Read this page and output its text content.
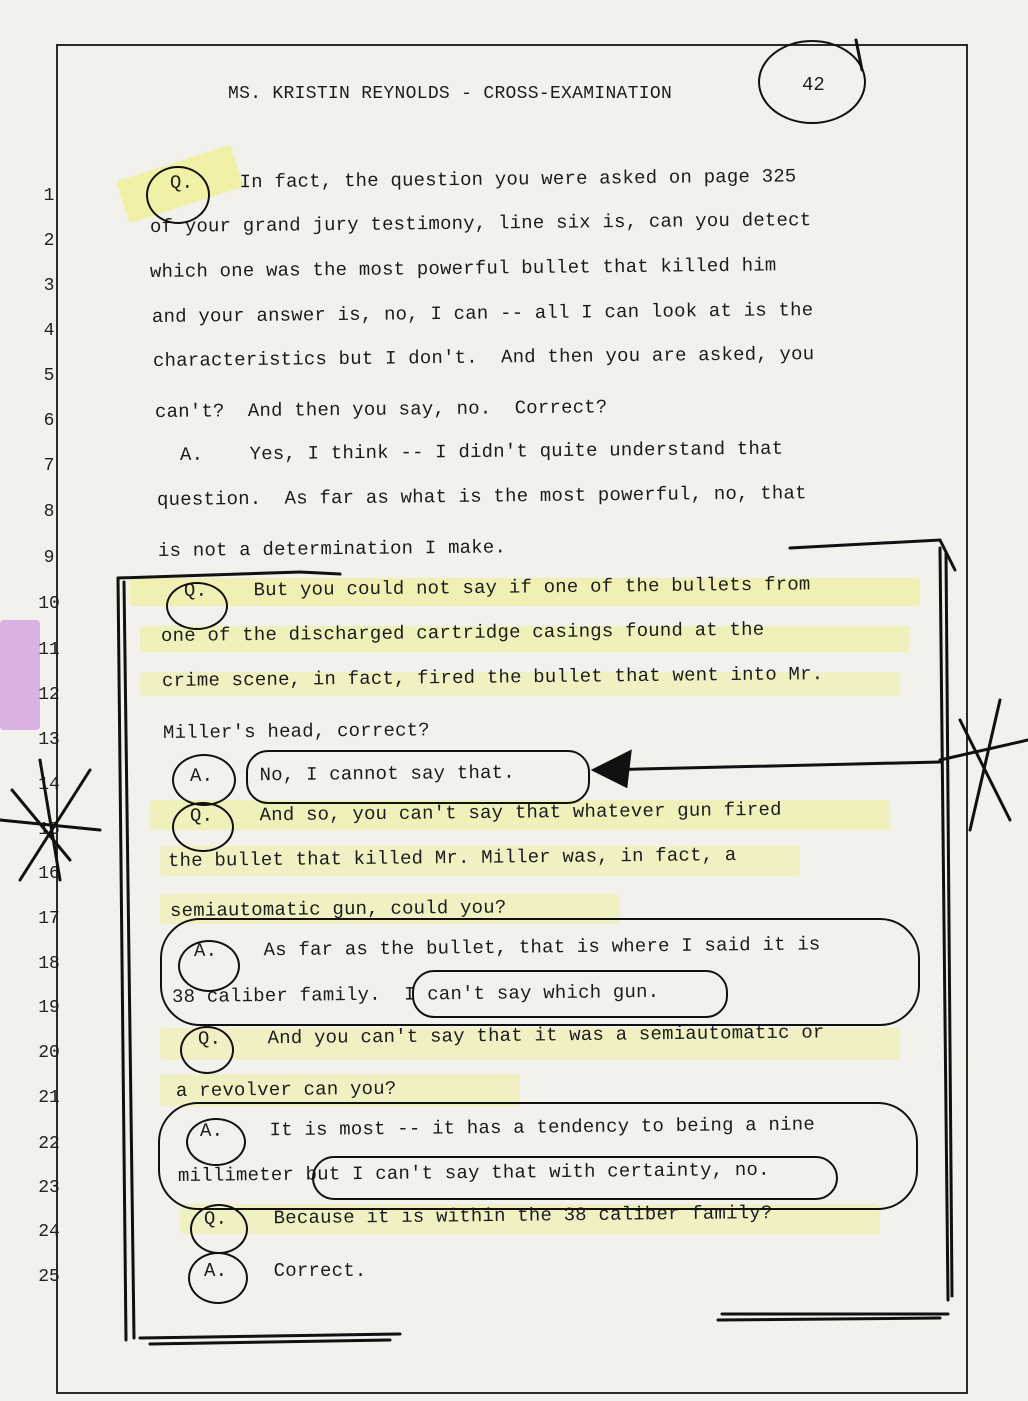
MS. KRISTIN REYNOLDS - CROSS-EXAMINATION	42
1
2
3
4
5
6
7
8
9
10
11
12
13
14
15
16
17
18
19
20
21
22
23
24
25
Q.    In fact, the question you were asked on page 325
of your grand jury testimony, line six is, can you detect
which one was the most powerful bullet that killed him
and your answer is, no, I can -- all I can look at is the
characteristics but I don't.  And then you are asked, you
can't?  And then you say, no.  Correct?
A.    Yes, I think -- I didn't quite understand that
question.  As far as what is the most powerful, no, that
is not a determination I make.
Q.    But you could not say if one of the bullets from
one of the discharged cartridge casings found at the
crime scene, in fact, fired the bullet that went into Mr.
Miller's head, correct?
A.    No, I cannot say that.
Q.    And so, you can't say that whatever gun fired
the bullet that killed Mr. Miller was, in fact, a
semiautomatic gun, could you?
A.    As far as the bullet, that is where I said it is
38 caliber family.  I can't say which gun.
Q.    And you can't say that it was a semiautomatic or
a revolver can you?
A.    It is most -- it has a tendency to being a nine
millimeter but I can't say that with certainty, no.
Q.    Because it is within the 38 caliber family?
A.    Correct.
